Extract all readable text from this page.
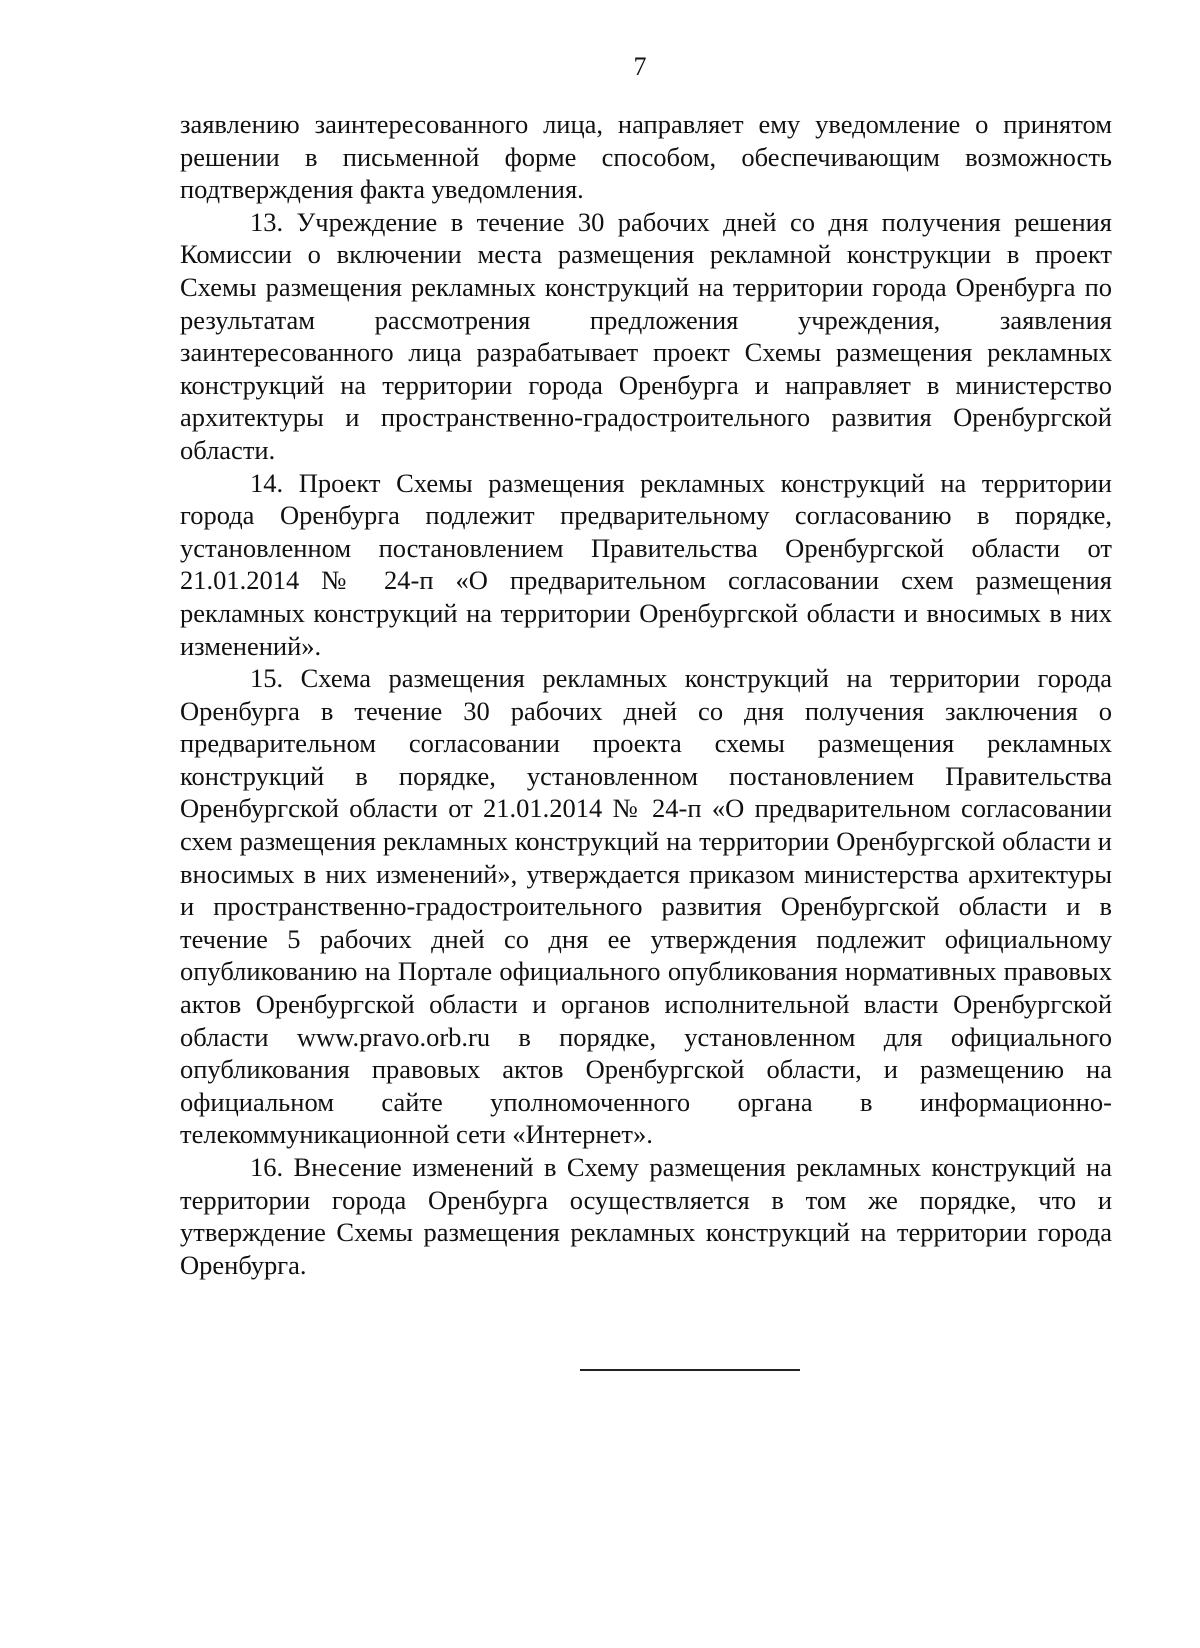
7

заявлению заинтересованного лица, направляет ему уведомление о принятом решении в письменной форме способом, обеспечивающим возможность подтверждения факта уведомления.

13. Учреждение в течение 30 рабочих дней со дня получения решения Комиссии о включении места размещения рекламной конструкции в проект Схемы размещения рекламных конструкций на территории города Оренбурга по результатам рассмотрения предложения учреждения, заявления заинтересованного лица разрабатывает проект Схемы размещения рекламных конструкций на территории города Оренбурга и направляет в министерство архитектуры и пространственно-градостроительного развития Оренбургской области.

14. Проект Схемы размещения рекламных конструкций на территории города Оренбурга подлежит предварительному согласованию в порядке, установленном постановлением Правительства Оренбургской области от 21.01.2014 № 24-п «О предварительном согласовании схем размещения рекламных конструкций на территории Оренбургской области и вносимых в них изменений».

15. Схема размещения рекламных конструкций на территории города Оренбурга в течение 30 рабочих дней со дня получения заключения о предварительном согласовании проекта схемы размещения рекламных конструкций в порядке, установленном постановлением Правительства Оренбургской области от 21.01.2014 № 24-п «О предварительном согласовании схем размещения рекламных конструкций на территории Оренбургской области и вносимых в них изменений», утверждается приказом министерства архитектуры и пространственно-градостроительного развития Оренбургской области и в течение 5 рабочих дней со дня ее утверждения подлежит официальному опубликованию на Портале официального опубликования нормативных правовых актов Оренбургской области и органов исполнительной власти Оренбургской области www.pravo.orb.ru в порядке, установленном для официального опубликования правовых актов Оренбургской области, и размещению на официальном сайте уполномоченного органа в информационно-телекоммуникационной сети «Интернет».

16. Внесение изменений в Схему размещения рекламных конструкций на территории города Оренбурга осуществляется в том же порядке, что и утверждение Схемы размещения рекламных конструкций на территории города Оренбурга.
